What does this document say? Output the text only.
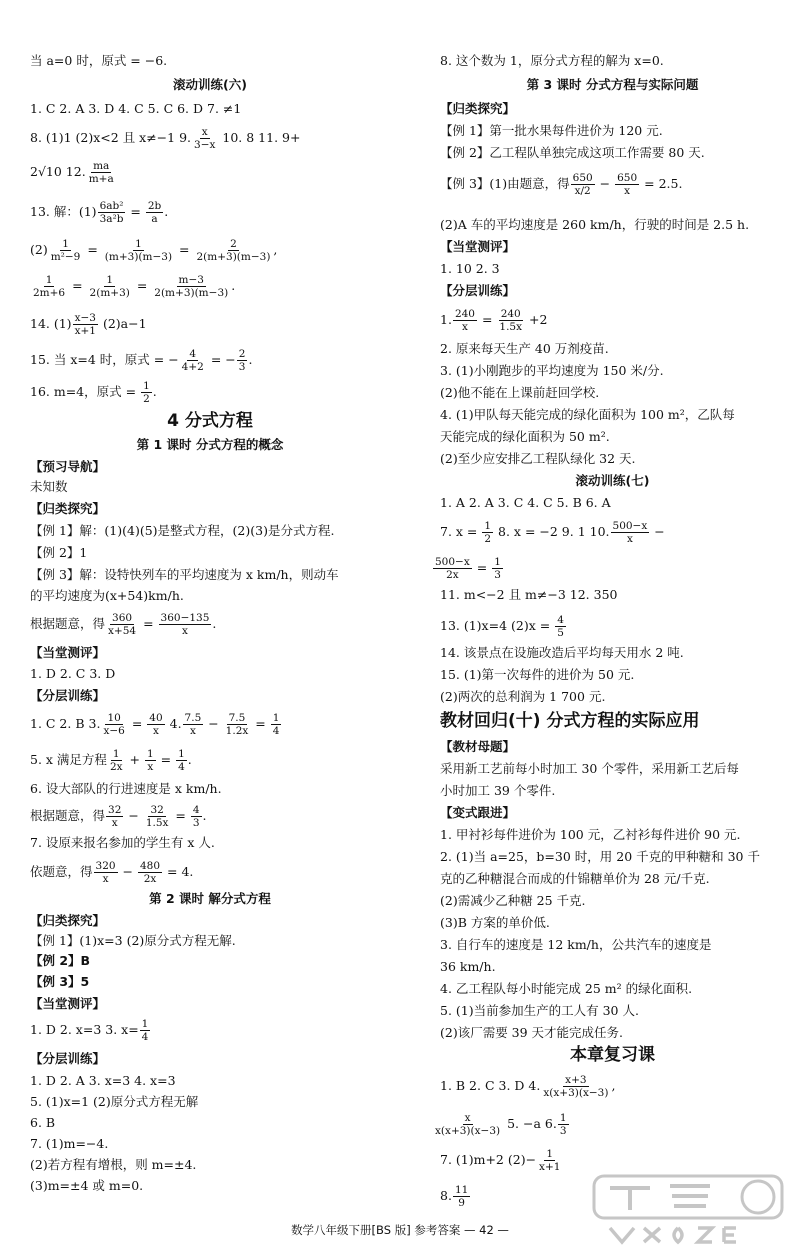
当 a=0 时，原式 = −6.
滚动训练(六)
1. C 2. A 3. D 4. C 5. C 6. D 7. ≠1
8. (1)1 (2)x<2 且 x≠−1 9. $\frac{x}{3-x} 10$. 8 11. 9+
2√10 12. $\frac{ma}{m+a}$
13. 解：$(1) \frac{\text{6ab²}}{\text{3a²b}} = \frac{2b}{a}$ .
$(2) \frac{1}{\text{m²−9}} = \frac{1}{(m+3)(m-3)} = \frac{2}{2(m+3)(m-3)}$ ,
$\frac{1}{2m+6} = \frac{1}{2(m+3)} = \frac{m-3}{2(m+3)(m-3)}$ .
14. $(1) \frac{x-3}{x+1} (2)a-1$
15. 当 x=4 时，原式 = − $\frac{4}{4+2}$ = − $\frac{2}{3}$ .
16. m=4，原式 = $\frac{1}{2}$ .
4 分式方程
第 1 课时 分式方程的概念
【预习导航】
未知数
【归类探究】
【例 1】解：(1)(4)(5)是整式方程，(2)(3)是分式方程.
【例 2】1
【例 3】解：设特快列车的平均速度为 x km/h，则动车
的平均速度为(x+54)km/h.
根据题意，得 $\frac{360}{x+54} = \frac{360-135}{x}$ .
【当堂测评】
1. D 2. C 3. D
【分层训练】
1. C 2. B 3. $\frac{10}{x-6} = \frac{40}{x} 4$. $\frac{7.5}{x} - \frac{7.5}{1.2x} = \frac{1}{4}$
5. x 满足方程 $\frac{1}{2x} + \frac{1}{x} = \frac{1}{4}$ .
6. 设大部队的行进速度是 x km/h.
根据题意，得 $\frac{32}{x} - \frac{32}{1.5x} = \frac{4}{3}$ .
7. 设原来报名参加的学生有 x 人.
依题意，得 $\frac{320}{x} - \frac{480}{2x} = 4$.
第 2 课时 解分式方程
【归类探究】
【例 1】(1)x=3 (2)原分式方程无解.
【例 2】B
【例 3】5
【当堂测评】
1. D 2. x=3 3. $x= \frac{1}{4}$
【分层训练】
1. D 2. A 3. x=3 4. x=3
5. (1)x=1 (2)原分式方程无解
6. B
7. (1)m=−4.
(2)若方程有增根，则 m=±4.
(3)m=±4 或 m=0.
8. 这个数为 1，原分式方程的解为 x=0.
第 3 课时 分式方程与实际问题
【归类探究】
【例 1】第一批水果每件进价为 120 元.
【例 2】乙工程队单独完成这项工作需要 80 天.
【例 3】(1)由题意，得 $\frac{650}{x/2} - \frac{650}{x} = 2.5$.
(2)A 车的平均速度是 260 km/h，行驶的时间是 2.5 h.
【当堂测评】
1. 10 2. 3
【分层训练】
1. $\frac{240}{x} = \frac{240}{1.5x} +2$
2. 原来每天生产 40 万剂疫苗.
3. (1)小刚跑步的平均速度为 150 米/分.
(2)他不能在上课前赶回学校.
4. (1)甲队每天能完成的绿化面积为 100 m²，乙队每
天能完成的绿化面积为 50 m².
(2)至少应安排乙工程队绿化 32 天.
滚动训练(七)
1. A 2. A 3. C 4. C 5. B 6. A
7. $x = \frac{1}{2} 8$. x = −2 9. 1 10. $\frac{500-x}{x}$ −
$\frac{500-x}{2x} = \frac{1}{3}$
11. m<−2 且 m≠−3 12. 350
13. (1)x=4 $(2)x = \frac{4}{5}$
14. 该景点在设施改造后平均每天用水 2 吨.
15. (1)第一次每件的进价为 50 元.
(2)两次的总利润为 1 700 元.
教材回归(十) 分式方程的实际应用
【教材母题】
采用新工艺前每小时加工 30 个零件，采用新工艺后每
小时加工 39 个零件.
【变式跟进】
1. 甲衬衫每件进价为 100 元，乙衬衫每件进价 90 元.
2. (1)当 a=25，b=30 时，用 20 千克的甲种糖和 30 千
克的乙种糖混合而成的什锦糖单价为 28 元/千克.
(2)需减少乙种糖 25 千克.
(3)B 方案的单价低.
3. 自行车的速度是 12 km/h，公共汽车的速度是
36 km/h.
4. 乙工程队每小时能完成 25 m² 的绿化面积.
5. (1)当前参加生产的工人有 30 人.
(2)该厂需要 39 天才能完成任务.
本章复习课
1. B 2. C 3. D 4. $\frac{x+3}{x(x+3)(x-3)}$ ,
$\frac{x}{x(x+3)(x-3)} 5$. −a 6. $\frac{1}{3}$
7. (1)m+2 $(2)- \frac{1}{x+1}$
8. $\frac{11}{9}$
数学八年级下册[BS 版] 参考答案 — 42 —
